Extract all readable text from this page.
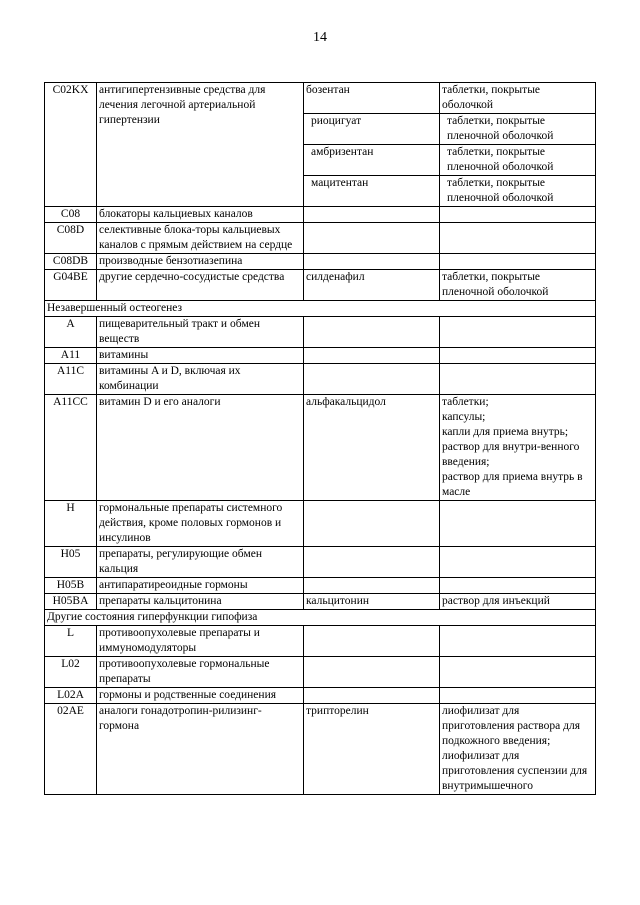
14
C02KX	антигипертензивные средства для лечения легочной артериальной гипертензии	бозентан	таблетки, покрытые оболочкой
		риоцигуат	таблетки, покрытые пленочной оболочкой
		амбризентан	таблетки, покрытые пленочной оболочкой
		мацитентан	таблетки, покрытые пленочной оболочкой
C08	блокаторы кальциевых каналов		
C08D	селективные блока-торы кальциевых каналов с прямым действием на сердце		
C08DB	производные бензотиазепина		
G04BE	другие сердечно-сосудистые средства	силденафил	таблетки, покрытые пленочной оболочкой
Незавершенный остеогенез			
A	пищеварительный тракт и обмен веществ		
A11	витамины		
A11C	витамины A и D, включая их комбинации		
A11CC	витамин D и его аналоги	альфакальцидол	таблетки;
капсулы;
капли для приема внутрь;
раствор для внутри-венного введения;
раствор для приема внутрь в масле
H	гормональные препараты системного действия, кроме половых гормонов и инсулинов		
H05	препараты, регулирующие обмен кальция		
H05B	антипаратиреоидные гормоны		
H05BA	препараты кальцитонина	кальцитонин	раствор для инъекций
Другие состояния гиперфункции гипофиза			
L	противоопухолевые препараты и иммуномодуляторы		
L02	противоопухолевые гормональные препараты		
L02A	гормоны и родственные соединения		
02AE	аналоги гонадотропин-рилизинг-гормона	трипторелин	лиофилизат для приготовления раствора для подкожного введения;
лиофилизат для приготовления суспензии для внутримышечного
